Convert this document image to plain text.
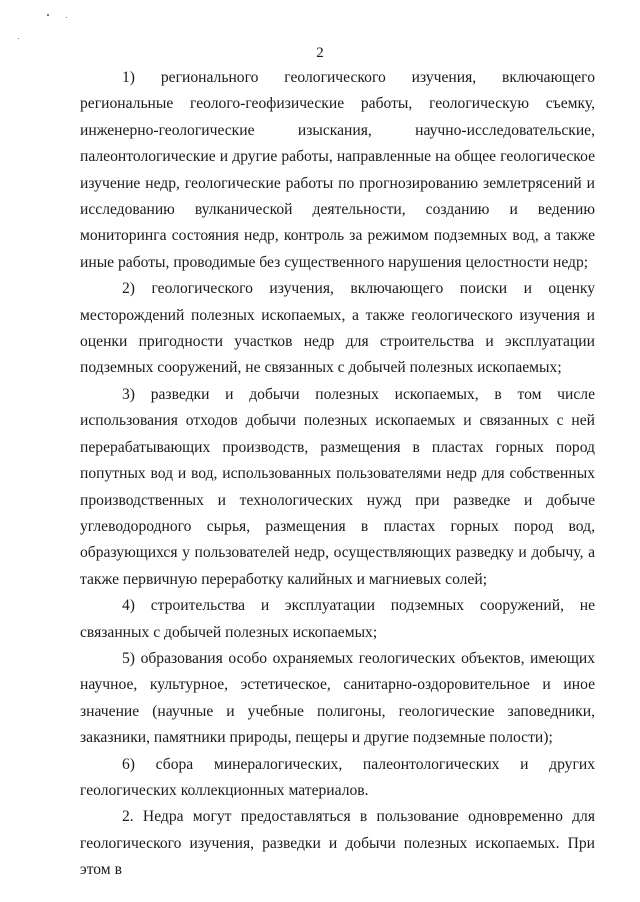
2

1) регионального геологического изучения, включающего региональные геолого-геофизические работы, геологическую съемку, инженерно-геологические изыскания, научно-исследовательские, палеонтологические и другие работы, направленные на общее геологическое изучение недр, геологические работы по прогнозированию землетрясений и исследованию вулканической деятельности, созданию и ведению мониторинга состояния недр, контроль за режимом подземных вод, а также иные работы, проводимые без существенного нарушения целостности недр;

2) геологического изучения, включающего поиски и оценку месторождений полезных ископаемых, а также геологического изучения и оценки пригодности участков недр для строительства и эксплуатации подземных сооружений, не связанных с добычей полезных ископаемых;

3) разведки и добычи полезных ископаемых, в том числе использования отходов добычи полезных ископаемых и связанных с ней перерабатывающих производств, размещения в пластах горных пород попутных вод и вод, использованных пользователями недр для собственных производственных и технологических нужд при разведке и добыче углеводородного сырья, размещения в пластах горных пород вод, образующихся у пользователей недр, осуществляющих разведку и добычу, а также первичную переработку калийных и магниевых солей;

4) строительства и эксплуатации подземных сооружений, не связанных с добычей полезных ископаемых;

5) образования особо охраняемых геологических объектов, имеющих научное, культурное, эстетическое, санитарно-оздоровительное и иное значение (научные и учебные полигоны, геологические заповедники, заказники, памятники природы, пещеры и другие подземные полости);

6) сбора минералогических, палеонтологических и других геологических коллекционных материалов.

2. Недра могут предоставляться в пользование одновременно для геологического изучения, разведки и добычи полезных ископаемых. При этом в
